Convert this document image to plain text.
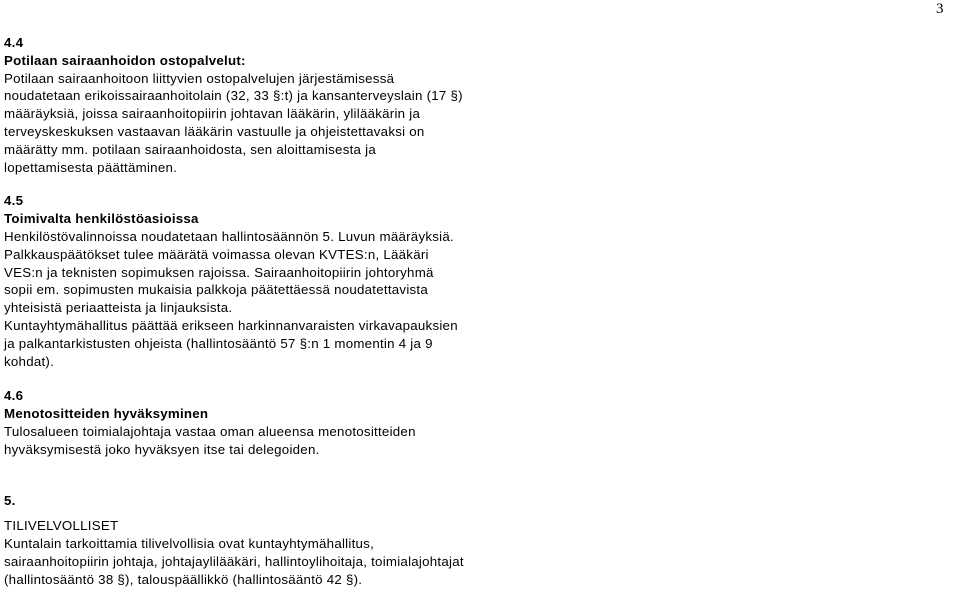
3
4.4
Potilaan sairaanhoidon ostopalvelut:
Potilaan sairaanhoitoon liittyvien ostopalvelujen järjestämisessä
noudatetaan erikoissairaanhoitolain (32, 33 §:t) ja kansanterveyslain (17 §)
määräyksiä, joissa sairaanhoitopiirin johtavan lääkärin, ylilääkärin ja
terveyskeskuksen vastaavan lääkärin vastuulle ja ohjeistettavaksi on
määrätty mm. potilaan sairaanhoidosta, sen aloittamisesta ja
lopettamisesta päättäminen.
4.5
Toimivalta henkilöstöasioissa
Henkilöstövalinnoissa noudatetaan hallintosäännön 5. Luvun määräyksiä.
Palkkauspäätökset tulee määrätä voimassa olevan KVTES:n, Lääkäri
VES:n ja teknisten sopimuksen rajoissa. Sairaanhoitopiirin johtoryhmä
sopii em. sopimusten mukaisia palkkoja päätettäessä noudatettavista
yhteisistä periaatteista ja linjauksista.
Kuntayhtymähallitus päättää erikseen harkinnanvaraisten virkavapauksien
ja palkantarkistusten ohjeista (hallintosääntö 57 §:n 1 momentin 4 ja 9
kohdat).
4.6
Menotositteiden hyväksyminen
Tulosalueen toimialajohtaja vastaa oman alueensa menotositteiden
hyväksymisestä joko hyväksyen itse tai delegoiden.
5.
TILIVELVOLLISET
Kuntalain tarkoittamia tilivelvollisia ovat kuntayhtymähallitus,
sairaanhoitopiirin johtaja, johtajaylilääkäri, hallintoylihoitaja, toimialajohtajat
(hallintosääntö 38 §), talouspäällikkö (hallintosääntö 42 §).
